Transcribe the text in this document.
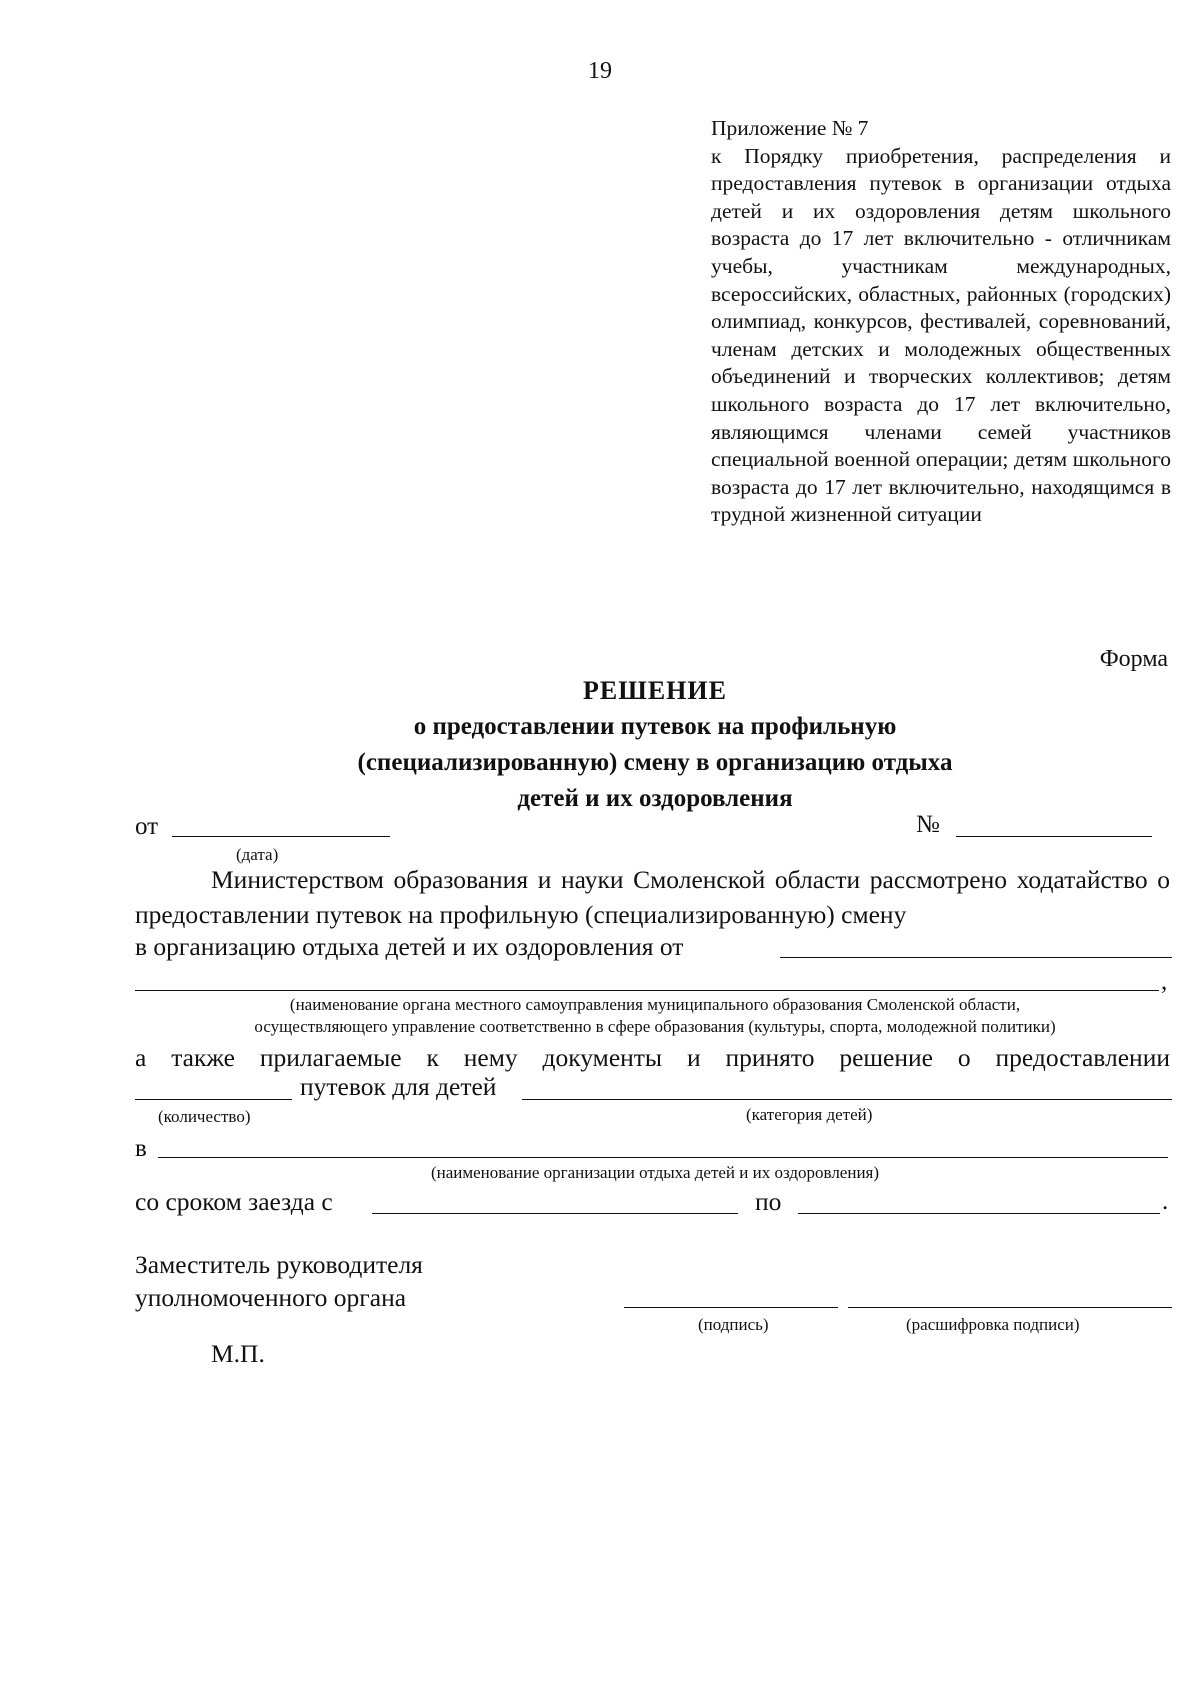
19
Приложение № 7
к Порядку приобретения, распределения и предоставления путевок в организации отдыха детей и их оздоровления детям школьного возраста до 17 лет включительно - отличникам учебы, участникам международных, всероссийских, областных, районных (городских) олимпиад, конкурсов, фестивалей, соревнований, членам детских и молодежных общественных объединений и творческих коллективов; детям школьного возраста до 17 лет включительно, являющимся членами семей участников специальной военной операции; детям школьного возраста до 17 лет включительно, находящимся в трудной жизненной ситуации
Форма
РЕШЕНИЕ
о предоставлении путевок на профильную
(специализированную) смену в организацию отдыха
детей и их оздоровления
от
(дата)
№
Министерством образования и науки Смоленской области рассмотрено ходатайство о предоставлении путевок на профильную (специализированную) смену
в организацию отдыха детей и их оздоровления от
,
(наименование органа местного самоуправления муниципального образования Смоленской области,
осуществляющего управление соответственно в сфере образования (культуры, спорта, молодежной политики)
а также прилагаемые к нему документы и принято решение о предоставлении
путевок для детей
(количество)	(категория детей)
в
(наименование организации отдыха детей и их оздоровления)
со сроком заезда с	по	.
Заместитель руководителя
уполномоченного органа
(подпись)	(расшифровка подписи)
М.П.
